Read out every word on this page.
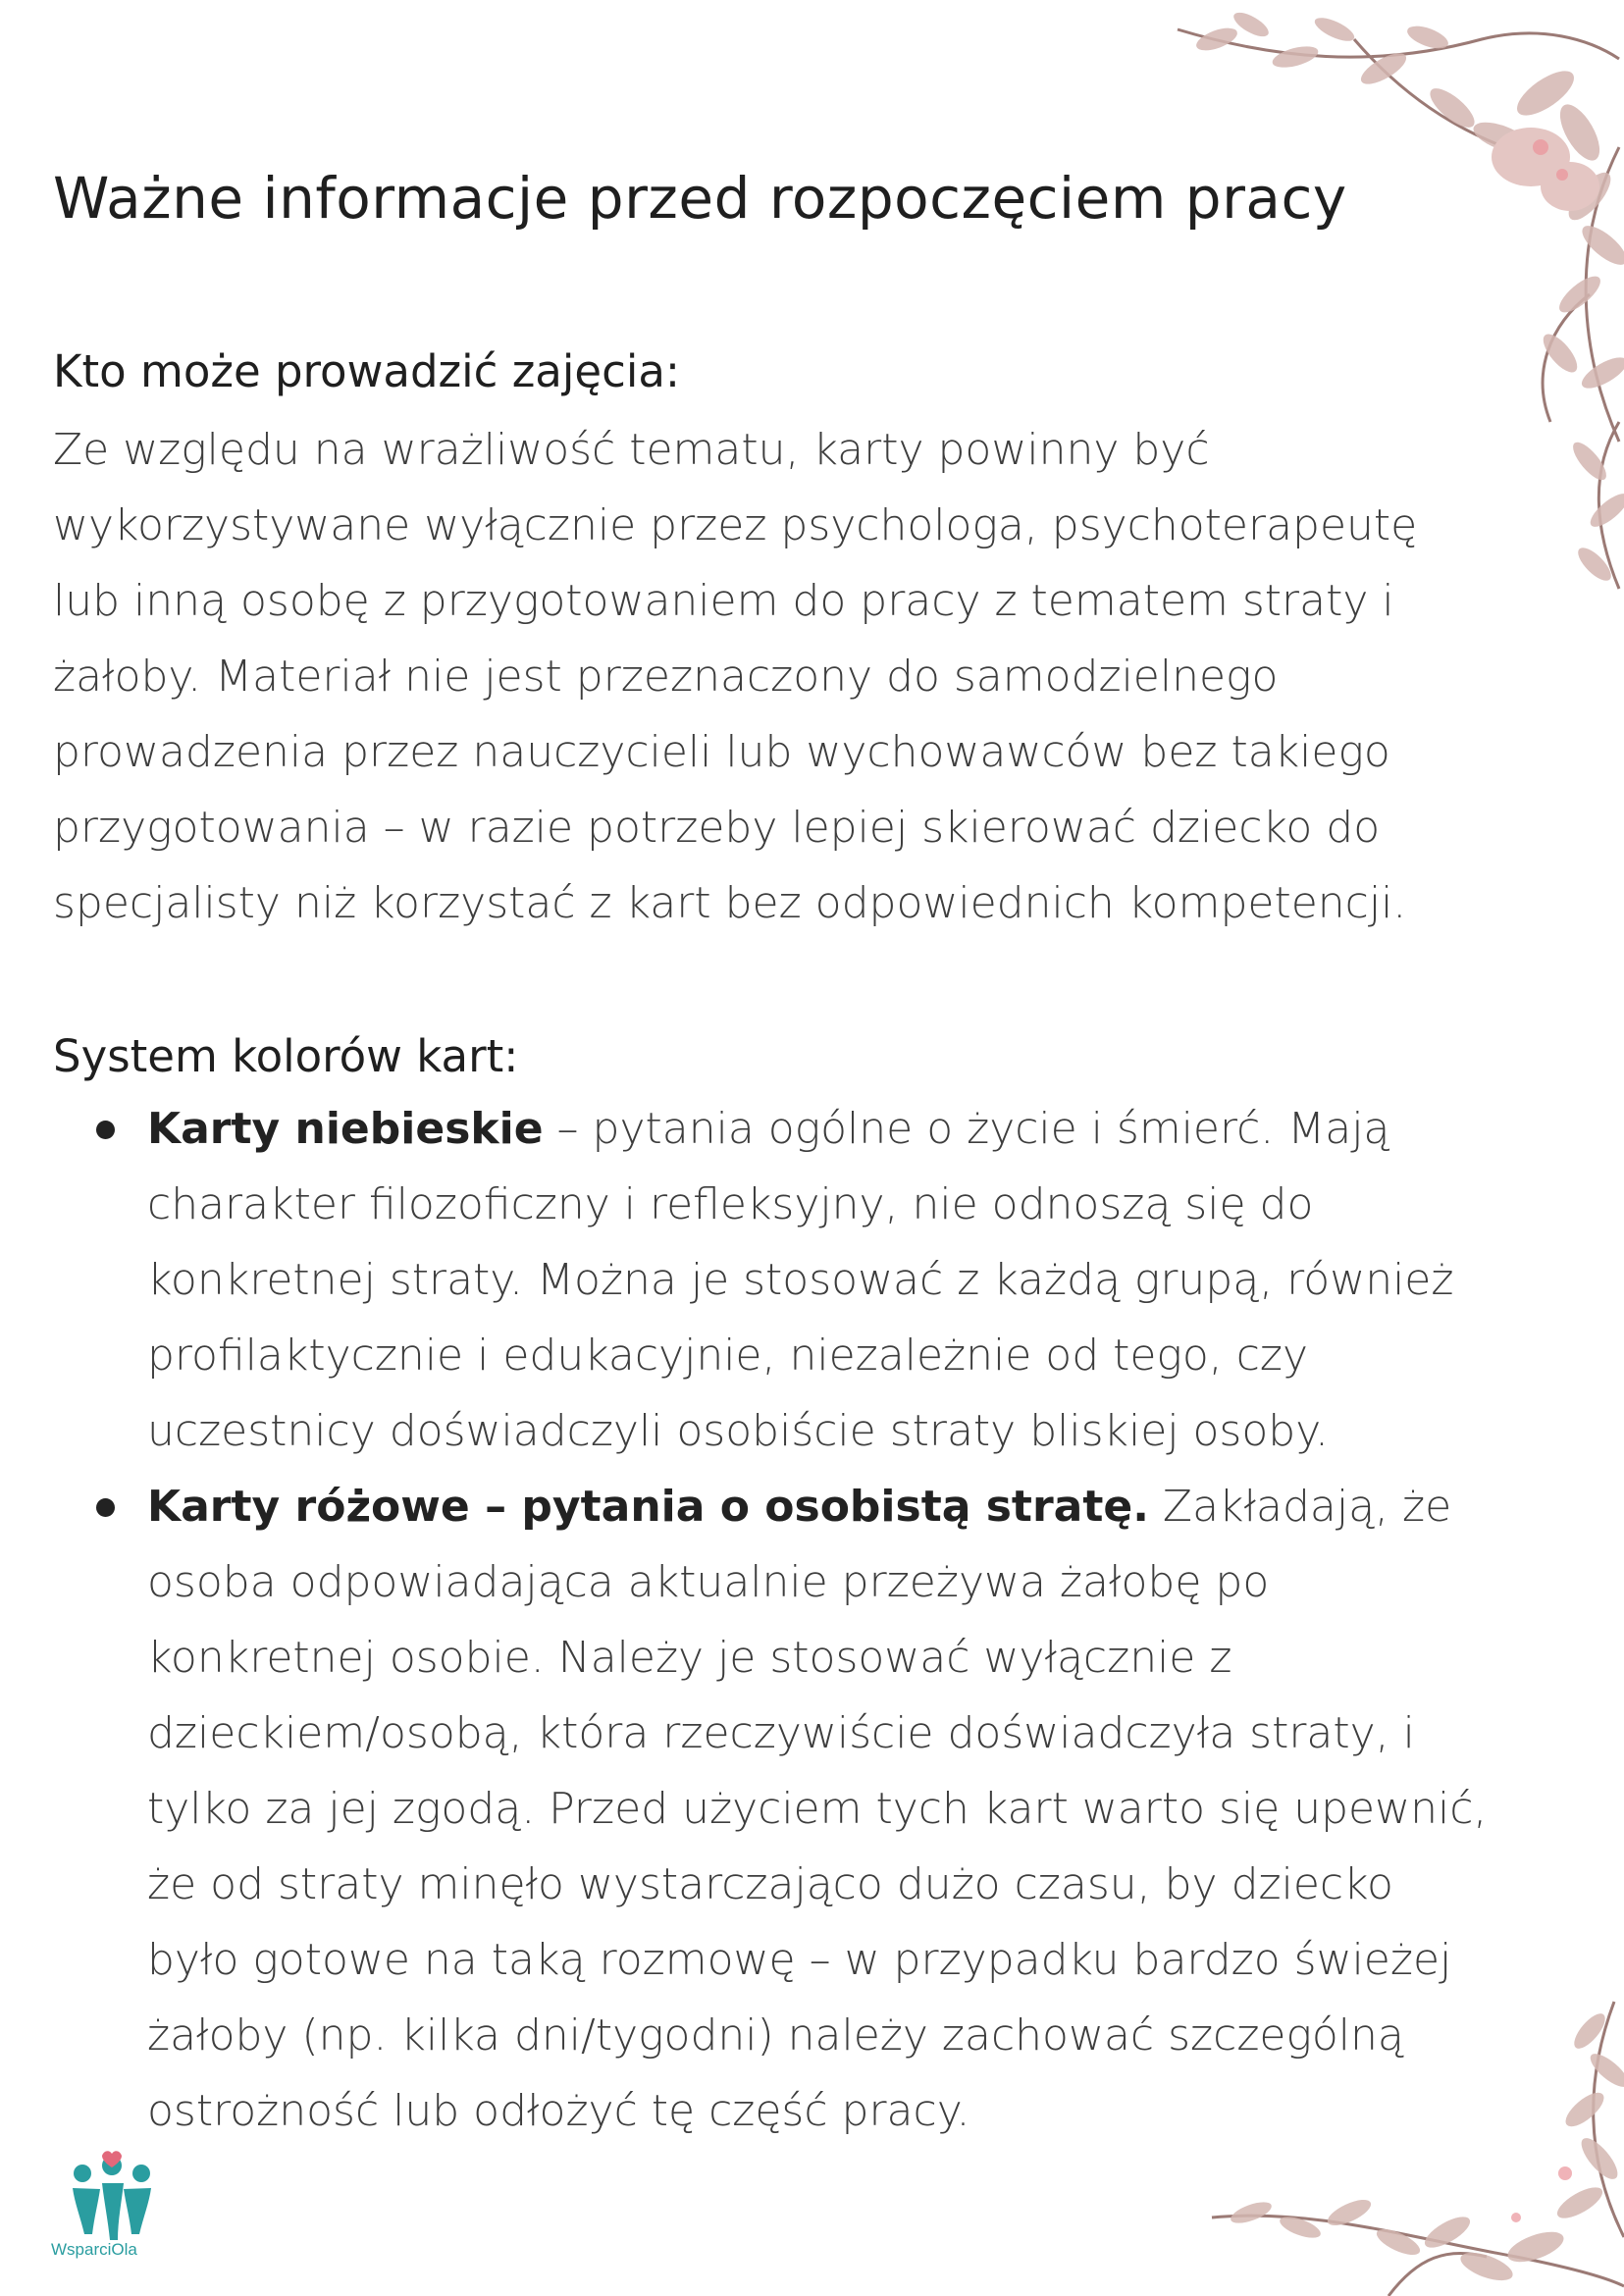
Ważne informacje przed rozpoczęciem pracy
Kto może prowadzić zajęcia:
Ze względu na wrażliwość tematu, karty powinny być
wykorzystywane wyłącznie przez psychologa, psychoterapeutę
lub inną osobę z przygotowaniem do pracy z tematem straty i
żałoby. Materiał nie jest przeznaczony do samodzielnego
prowadzenia przez nauczycieli lub wychowawców bez takiego
przygotowania – w razie potrzeby lepiej skierować dziecko do
specjalisty niż korzystać z kart bez odpowiednich kompetencji.
System kolorów kart:
Karty niebieskie – pytania ogólne o życie i śmierć. Mają
charakter filozoficzny i refleksyjny, nie odnoszą się do
konkretnej straty. Można je stosować z każdą grupą, również
profilaktycznie i edukacyjnie, niezależnie od tego, czy
uczestnicy doświadczyli osobiście straty bliskiej osoby.
Karty różowe – pytania o osobistą stratę. Zakładają, że
osoba odpowiadająca aktualnie przeżywa żałobę po
konkretnej osobie. Należy je stosować wyłącznie z
dzieckiem/osobą, która rzeczywiście doświadczyła straty, i
tylko za jej zgodą. Przed użyciem tych kart warto się upewnić,
że od straty minęło wystarczająco dużo czasu, by dziecko
było gotowe na taką rozmowę – w przypadku bardzo świeżej
żałoby (np. kilka dni/tygodni) należy zachować szczególną
ostrożność lub odłożyć tę część pracy.
WsparciOla
